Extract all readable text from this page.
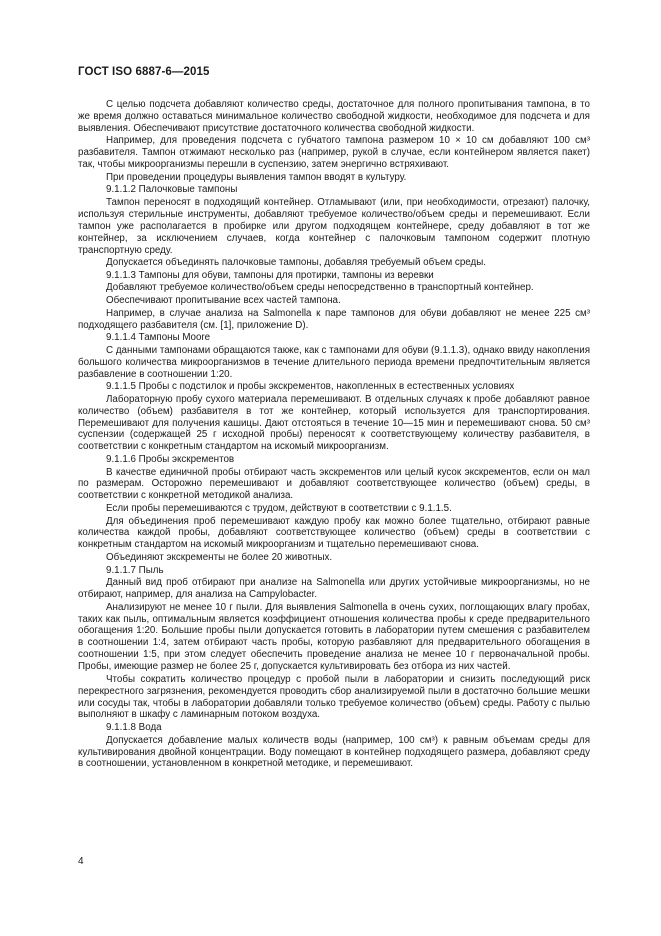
ГОСТ ISO 6887-6—2015

С целью подсчета добавляют количество среды, достаточное для полного пропитывания тампона, в то же время должно оставаться минимальное количество свободной жидкости, необходимое для подсчета и для выявления. Обеспечивают присутствие достаточного количества свободной жидкости.

Например, для проведения подсчета с губчатого тампона размером 10 × 10 см добавляют 100 см³ разбавителя. Тампон отжимают несколько раз (например, рукой в случае, если контейнером является пакет) так, чтобы микроорганизмы перешли в суспензию, затем энергично встряхивают.

При проведении процедуры выявления тампон вводят в культуру.

9.1.1.2 Палочковые тампоны

Тампон переносят в подходящий контейнер. Отламывают (или, при необходимости, отрезают) палочку, используя стерильные инструменты, добавляют требуемое количество/объем среды и перемешивают. Если тампон уже располагается в пробирке или другом подходящем контейнере, среду добавляют в тот же контейнер, за исключением случаев, когда контейнер с палочковым тампоном содержит плотную транспортную среду.

Допускается объединять палочковые тампоны, добавляя требуемый объем среды.

9.1.1.3 Тампоны для обуви, тампоны для протирки, тампоны из веревки

Добавляют требуемое количество/объем среды непосредственно в транспортный контейнер.

Обеспечивают пропитывание всех частей тампона.

Например, в случае анализа на Salmonella к паре тампонов для обуви добавляют не менее 225 см³ подходящего разбавителя (см. [1], приложение D).

9.1.1.4 Тампоны Moore

С данными тампонами обращаются также, как с тампонами для обуви (9.1.1.3), однако ввиду накопления большого количества микроорганизмов в течение длительного периода времени предпочтительным является разбавление в соотношении 1:20.

9.1.1.5 Пробы с подстилок и пробы экскрементов, накопленных в естественных условиях

Лабораторную пробу сухого материала перемешивают. В отдельных случаях к пробе добавляют равное количество (объем) разбавителя в тот же контейнер, который используется для транспортирования. Перемешивают для получения кашицы. Дают отстояться в течение 10—15 мин и перемешивают снова. 50 см³ суспензии (содержащей 25 г исходной пробы) переносят к соответствующему количеству разбавителя, в соответствии с конкретным стандартом на искомый микроорганизм.

9.1.1.6 Пробы экскрементов

В качестве единичной пробы отбирают часть экскрементов или целый кусок экскрементов, если он мал по размерам. Осторожно перемешивают и добавляют соответствующее количество (объем) среды, в соответствии с конкретной методикой анализа.

Если пробы перемешиваются с трудом, действуют в соответствии с 9.1.1.5.

Для объединения проб перемешивают каждую пробу как можно более тщательно, отбирают равные количества каждой пробы, добавляют соответствующее количество (объем) среды в соответствии с конкретным стандартом на искомый микроорганизм и тщательно перемешивают снова.

Объединяют экскременты не более 20 животных.

9.1.1.7 Пыль

Данный вид проб отбирают при анализе на Salmonella или других устойчивые микроорганизмы, но не отбирают, например, для анализа на Campylobacter.

Анализируют не менее 10 г пыли. Для выявления Salmonella в очень сухих, поглощающих влагу пробах, таких как пыль, оптимальным является коэффициент отношения количества пробы к среде предварительного обогащения 1:20. Большие пробы пыли допускается готовить в лаборатории путем смешения с разбавителем в соотношении 1:4, затем отбирают часть пробы, которую разбавляют для предварительного обогащения в соотношении 1:5, при этом следует обеспечить проведение анализа не менее 10 г первоначальной пробы. Пробы, имеющие размер не более 25 г, допускается культивировать без отбора из них частей.

Чтобы сократить количество процедур с пробой пыли в лаборатории и снизить последующий риск перекрестного загрязнения, рекомендуется проводить сбор анализируемой пыли в достаточно большие мешки или сосуды так, чтобы в лаборатории добавляли только требуемое количество (объем) среды. Работу с пылью выполняют в шкафу с ламинарным потоком воздуха.

9.1.1.8 Вода

Допускается добавление малых количеств воды (например, 100 см³) к равным объемам среды для культивирования двойной концентрации. Воду помещают в контейнер подходящего размера, добавляют среду в соотношении, установленном в конкретной методике, и перемешивают.

4
